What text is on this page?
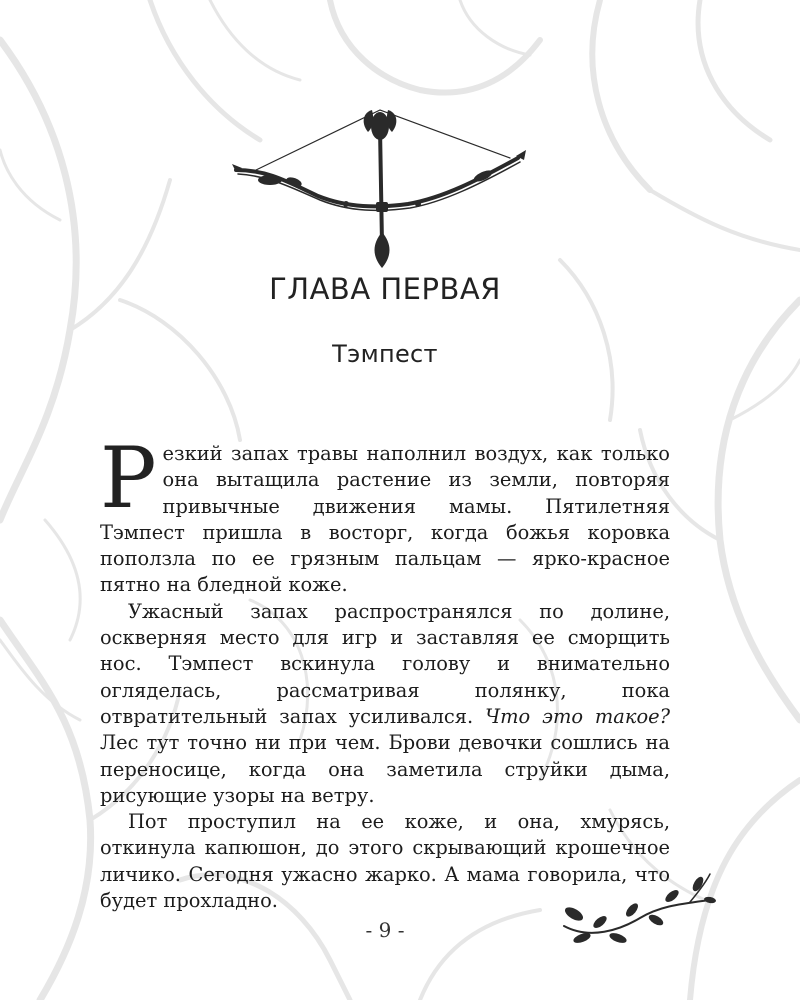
ГЛАВА ПЕРВАЯ
Тэмпест

Резкий запах травы наполнил воздух, как только она вытащила растение из земли, повторяя привычные движения мамы. Пятилетняя Тэмпест пришла в восторг, когда божья коровка поползла по ее грязным пальцам — ярко-красное пятно на бледной коже.

Ужасный запах распространялся по долине, оскверняя место для игр и заставляя ее сморщить нос. Тэмпест вскинула голову и внимательно огляделась, рассматривая полянку, пока отвратительный запах усиливался. Что это такое? Лес тут точно ни при чем. Брови девочки сошлись на переносице, когда она заметила струйки дыма, рисующие узоры на ветру.

Пот проступил на ее коже, и она, хмурясь, откинула капюшон, до этого скрывающий крошечное личико. Сегодня ужасно жарко. А мама говорила, что будет прохладно.

- 9 -
